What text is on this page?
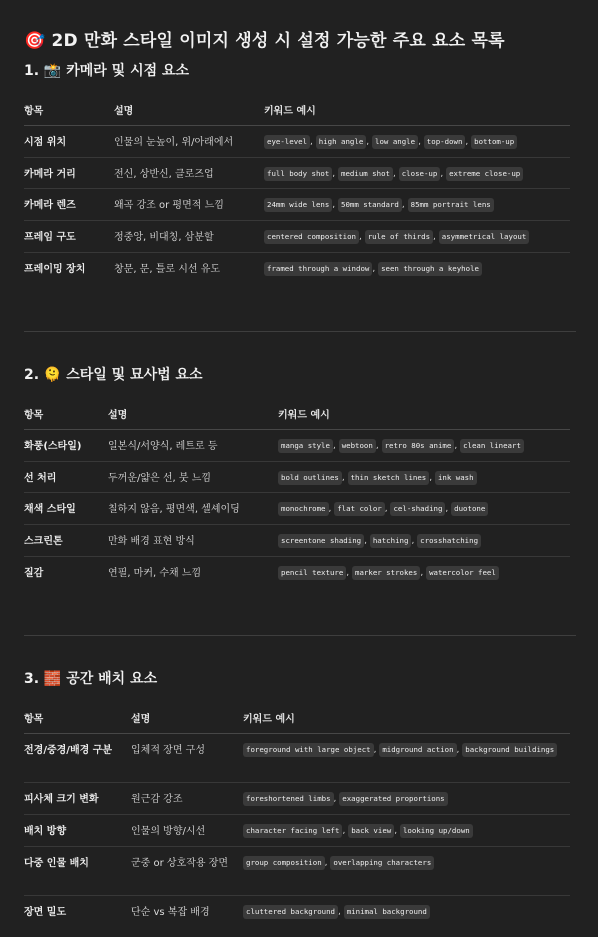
🎯 2D 만화 스타일 이미지 생성 시 설정 가능한 주요 요소 목록
1. 📸 카메라 및 시점 요소
항목	설명	키워드 예시

시점 위치	인물의 눈높이, 위/아래에서	eye-level , high angle , low angle , top-down , bottom-up

카메라 거리	전신, 상반신, 클로즈업	full body shot , medium shot , close-up , extreme close-up

카메라 렌즈	왜곡 강조 or 평면적 느낌	24mm wide lens , 50mm standard , 85mm portrait lens

프레임 구도	정중앙, 비대칭, 삼분할	centered composition , rule of thirds , asymmetrical layout

프레이밍 장치	창문, 문, 틀로 시선 유도	framed through a window , seen through a keyhole
2. 🫠 스타일 및 묘사법 요소
항목	설명	키워드 예시

화풍(스타일)	일본식/서양식, 레트로 등	manga style , webtoon , retro 80s anime , clean lineart

선 처리	두꺼운/얇은 선, 붓 느낌	bold outlines , thin sketch lines , ink wash

채색 스타일	칠하지 않음, 평면색, 셀셰이딩	monochrome , flat color , cel-shading , duotone

스크린톤	만화 배경 표현 방식	screentone shading , hatching , crosshatching

질감	연필, 마커, 수채 느낌	pencil texture , marker strokes , watercolor feel
3. 🧱 공간 배치 요소
항목	설명	키워드 예시

전경/중경/배경 구분	입체적 장면 구성	foreground with large object , midground action , background buildings

피사체 크기 변화	원근감 강조	foreshortened limbs , exaggerated proportions

배치 방향	인물의 방향/시선	character facing left , back view , looking up/down

다중 인물 배치	군중 or 상호작용 장면	group composition , overlapping characters

장면 밀도	단순 vs 복잡 배경	cluttered background , minimal background
